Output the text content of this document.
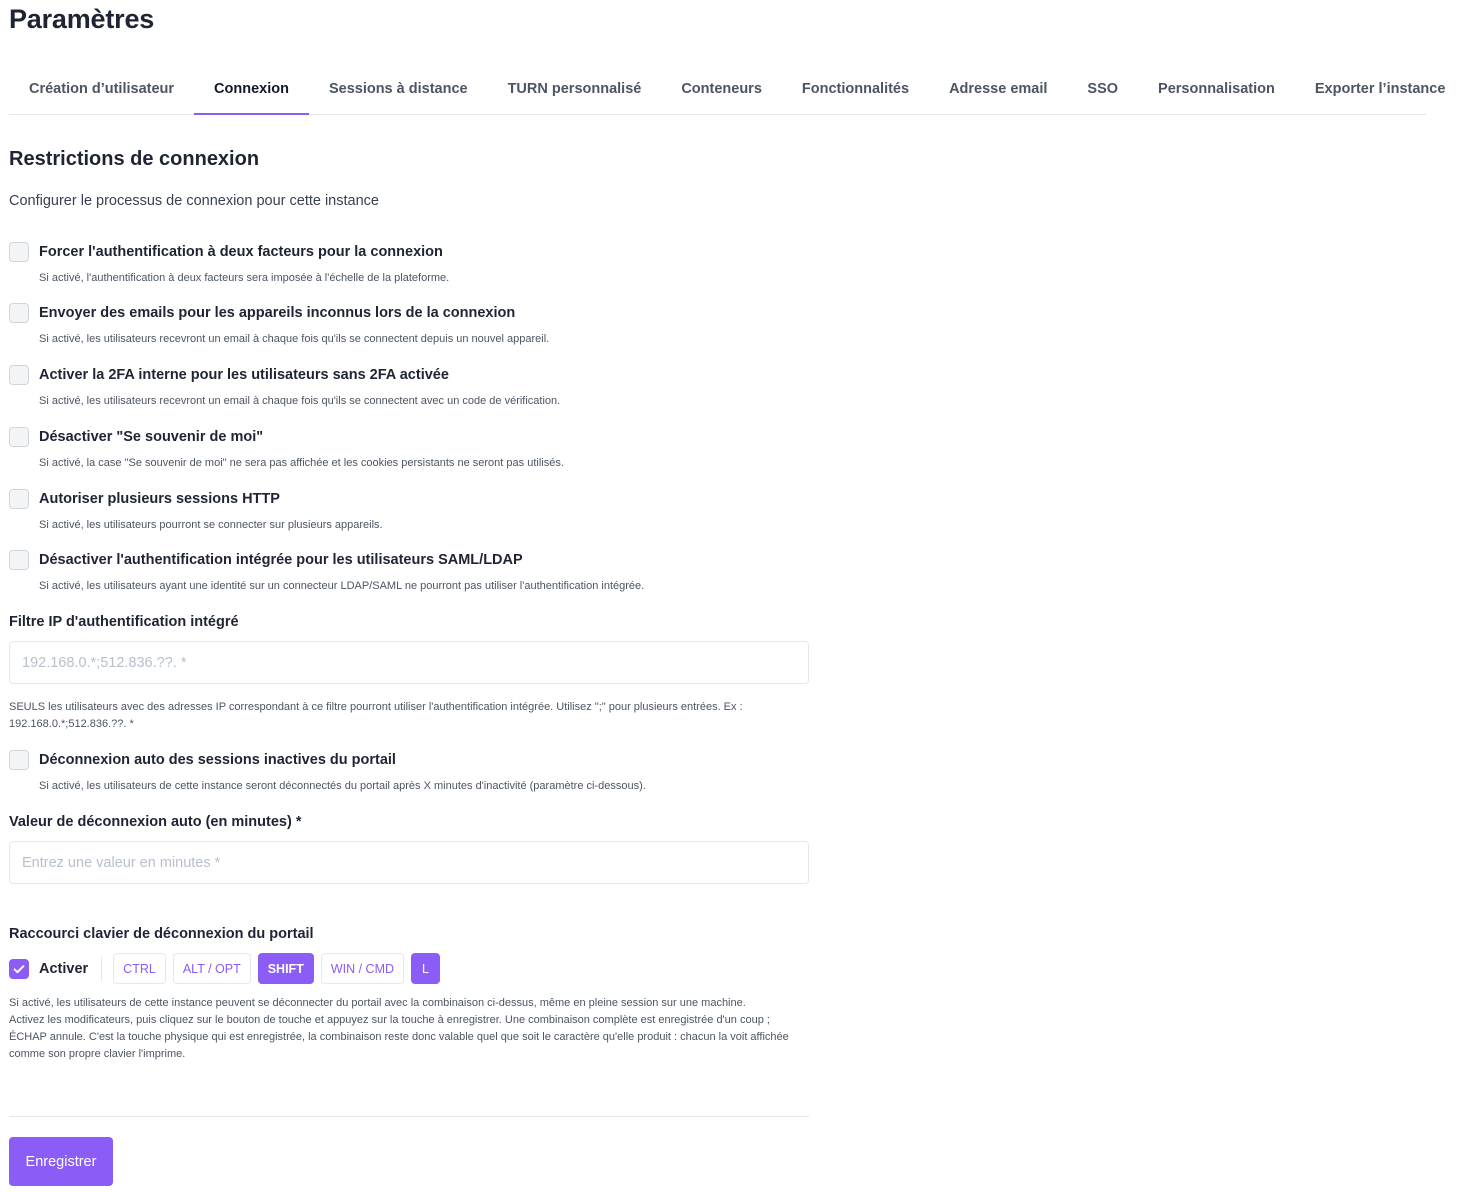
Paramètres
Création d’utilisateur	Connexion	Sessions à distance	TURN personnalisé	Conteneurs	Fonctionnalités	Adresse email	SSO	Personnalisation	Exporter l’instance
Restrictions de connexion

Configurer le processus de connexion pour cette instance

Forcer l'authentification à deux facteurs pour la connexion
Si activé, l'authentification à deux facteurs sera imposée à l'échelle de la plateforme.
Envoyer des emails pour les appareils inconnus lors de la connexion
Si activé, les utilisateurs recevront un email à chaque fois qu'ils se connectent depuis un nouvel appareil.
Activer la 2FA interne pour les utilisateurs sans 2FA activée
Si activé, les utilisateurs recevront un email à chaque fois qu'ils se connectent avec un code de vérification.
Désactiver "Se souvenir de moi"
Si activé, la case "Se souvenir de moi" ne sera pas affichée et les cookies persistants ne seront pas utilisés.
Autoriser plusieurs sessions HTTP
Si activé, les utilisateurs pourront se connecter sur plusieurs appareils.
Désactiver l'authentification intégrée pour les utilisateurs SAML/LDAP
Si activé, les utilisateurs ayant une identité sur un connecteur LDAP/SAML ne pourront pas utiliser l'authentification intégrée.
Filtre IP d'authentification intégré
192.168.0.*;512.836.??. *
SEULS les utilisateurs avec des adresses IP correspondant à ce filtre pourront utiliser l'authentification intégrée. Utilisez ";" pour plusieurs entrées. Ex : 192.168.0.*;512.836.??. *
Déconnexion auto des sessions inactives du portail
Si activé, les utilisateurs de cette instance seront déconnectés du portail après X minutes d'inactivité (paramètre ci-dessous).
Valeur de déconnexion auto (en minutes) *
Entrez une valeur en minutes *
Raccourci clavier de déconnexion du portail
Activer	CTRL	ALT / OPT	SHIFT	WIN / CMD	L
Si activé, les utilisateurs de cette instance peuvent se déconnecter du portail avec la combinaison ci-dessus, même en pleine session sur une machine.
Activez les modificateurs, puis cliquez sur le bouton de touche et appuyez sur la touche à enregistrer. Une combinaison complète est enregistrée d'un coup ; ÉCHAP annule. C'est la touche physique qui est enregistrée, la combinaison reste donc valable quel que soit le caractère qu'elle produit : chacun la voit affichée comme son propre clavier l'imprime.
Enregistrer
